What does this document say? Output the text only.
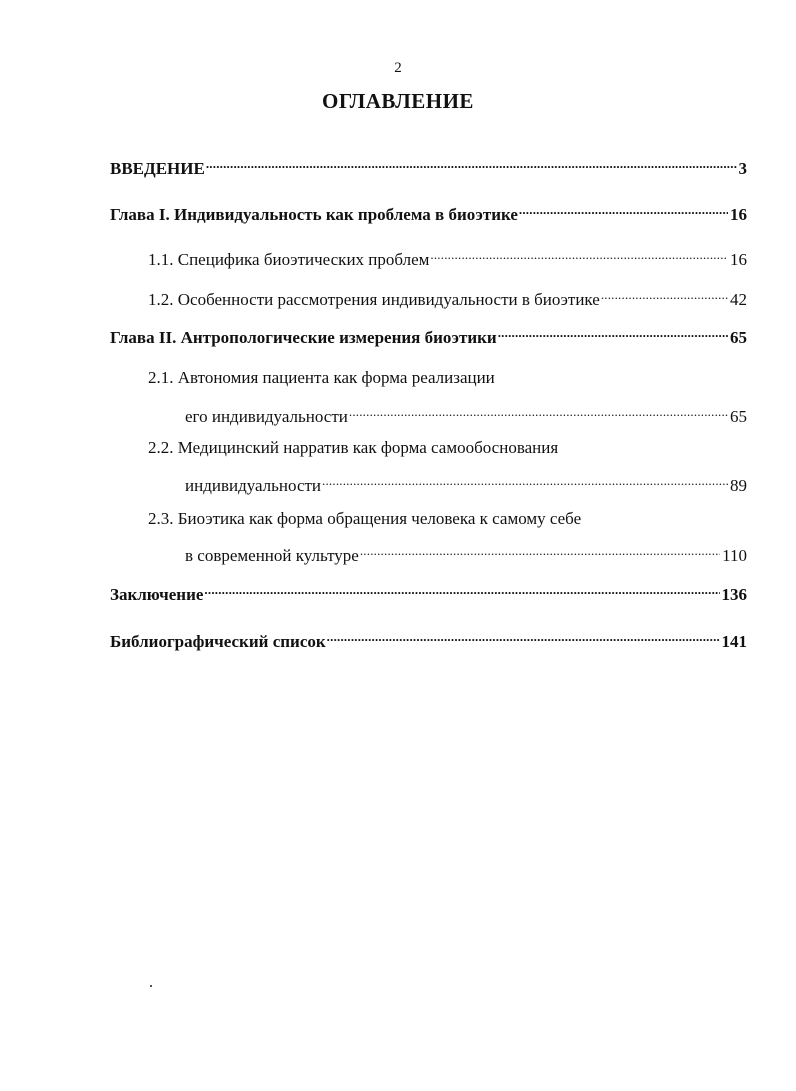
2
ОГЛАВЛЕНИЕ
ВВЕДЕНИЕ .....	3
Глава I. Индивидуальность как проблема в биоэтике .....	16
1.1. Специфика биоэтических проблем .....	16
1.2. Особенности рассмотрения индивидуальности в биоэтике .....	42
Глава II. Антропологические измерения биоэтики .....	65
2.1. Автономия пациента как форма реализации
его индивидуальности .....	65
2.2. Медицинский нарратив как форма самообоснования
индивидуальности .....	89
2.3. Биоэтика как форма обращения человека к самому себе
в современной культуре .....	110
Заключение .....	136
Библиографический список .....	141
